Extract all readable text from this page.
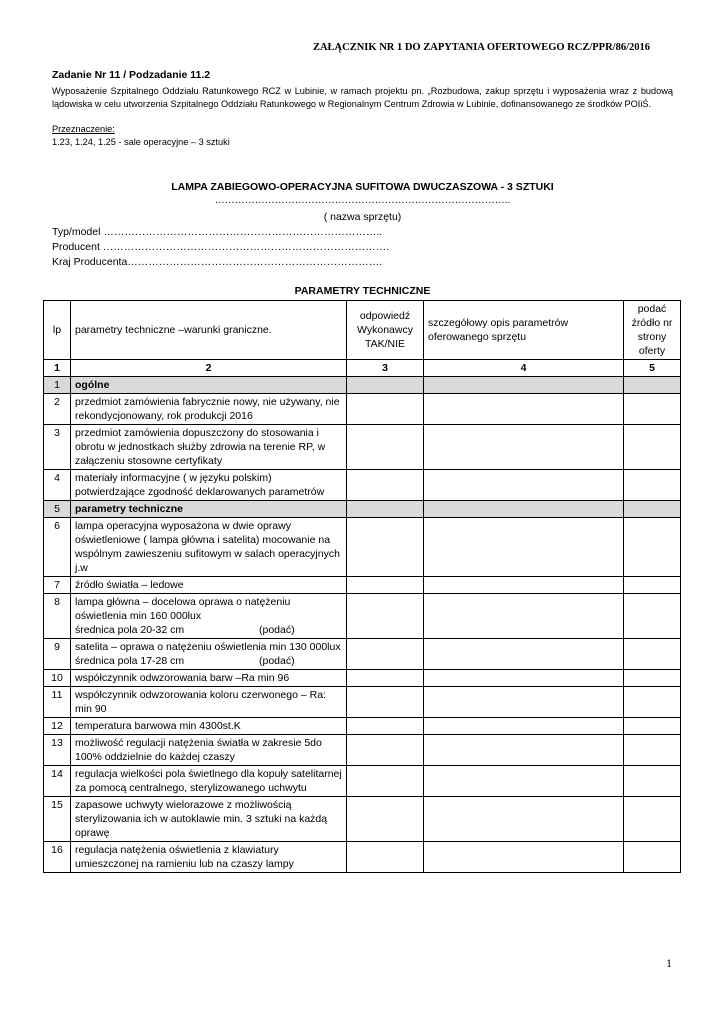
ZAŁĄCZNIK NR 1 DO ZAPYTANIA OFERTOWEGO RCZ/PPR/86/2016
Zadanie Nr 11 / Podzadanie 11.2
Wyposażenie Szpitalnego Oddziału Ratunkowego RCZ w Lubinie, w ramach projektu pn. „Rozbudowa, zakup sprzętu i wyposażenia wraz z budową lądowiska w celu utworzenia Szpitalnego Oddziału Ratunkowego w Regionalnym Centrum Zdrowia w Lubinie, dofinansowanego ze środków POIiŚ.
Przeznaczenie:
1.23, 1.24, 1.25 - sale operacyjne – 3 sztuki
LAMPA ZABIEGOWO-OPERACYJNA SUFITOWA DWUCZASZOWA - 3 SZTUKI
……………………………………………………………………………..
( nazwa sprzętu)
Typ/model ……………………………………………………………………..
Producent ……………………………………………………………………….
Kraj Producenta……………………………………………………………….
PARAMETRY TECHNICZNE
lp	parametry techniczne –warunki graniczne.	odpowiedź Wykonawcy TAK/NIE	szczegółowy opis parametrów oferowanego sprzętu	podać źródło nr strony oferty
1	2	3	4	5
1	ogólne			

2	przedmiot zamówienia fabrycznie nowy, nie używany, nie rekondycjonowany, rok produkcji 2016			

3	przedmiot zamówienia dopuszczony do stosowania i obrotu w jednostkach służby zdrowia na terenie RP, w załączeniu stosowne certyfikaty			

4	materiały informacyjne ( w języku polskim) potwierdzające zgodność deklarowanych parametrów			

5	parametry techniczne			

6	lampa operacyjna wyposażona w dwie oprawy oświetleniowe ( lampa główna i satelita) mocowanie na wspólnym zawieszeniu sufitowym w salach operacyjnych j.w			

7	źródło światła – ledowe			

8	lampa główna – docelowa oprawa o natężeniu oświetlenia min 160 000lux
średnica pola 20-32 cm (podać)			

9	satelita – oprawa o natężeniu oświetlenia min 130 000lux
średnica pola 17-28 cm (podać)			

10	współczynnik odwzorowania barw –Ra min 96			

11	współczynnik odwzorowania koloru czerwonego – Ra: min 90			

12	temperatura barwowa min 4300st.K			

13	możliwość regulacji natężenia światła w zakresie 5do 100% oddzielnie do każdej czaszy			

14	regulacja wielkości pola świetlnego dla kopuły satelitarnej za pomocą centralnego, sterylizowanego uchwytu			

15	zapasowe uchwyty wielorazowe z możliwością sterylizowania ich w autoklawie min. 3 sztuki na każdą oprawę			

16	regulacja natężenia oświetlenia z klawiatury umieszczonej na ramieniu lub na czaszy lampy			

1
